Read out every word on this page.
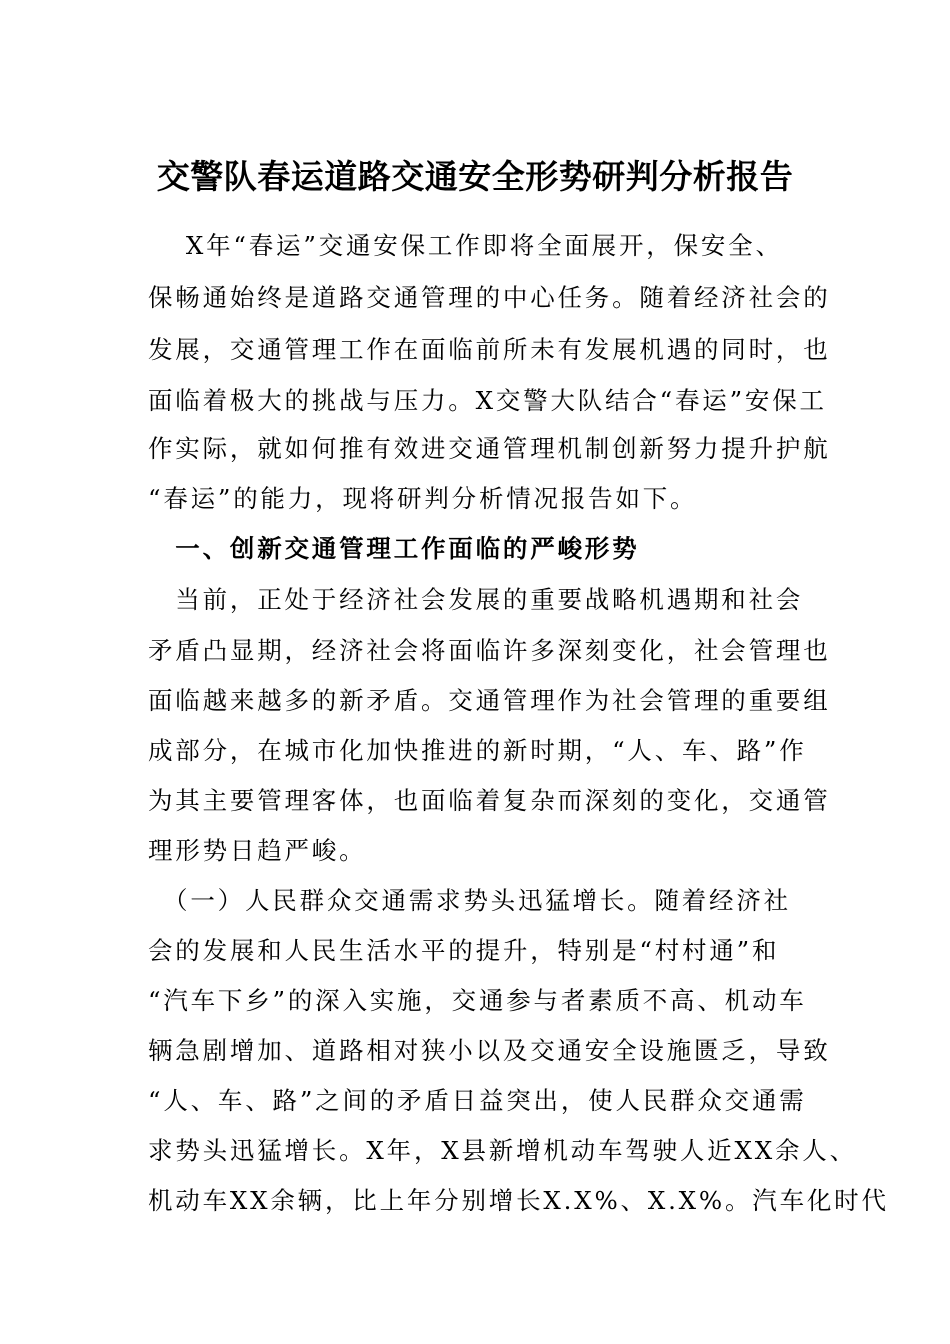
交警队春运道路交通安全形势研判分析报告
　 X年“春运”交通安保工作即将全面展开，保安全、
保畅通始终是道路交通管理的中心任务。随着经济社会的
发展，交通管理工作在面临前所未有发展机遇的同时，也
面临着极大的挑战与压力。X交警大队结合“春运”安保工
作实际，就如何推有效进交通管理机制创新努力提升护航
“春运”的能力，现将研判分析情况报告如下。
　一、创新交通管理工作面临的严峻形势
　当前，正处于经济社会发展的重要战略机遇期和社会
矛盾凸显期，经济社会将面临许多深刻变化，社会管理也
面临越来越多的新矛盾。交通管理作为社会管理的重要组
成部分，在城市化加快推进的新时期，“人、车、路”作
为其主要管理客体，也面临着复杂而深刻的变化，交通管
理形势日趋严峻。
　（一）人民群众交通需求势头迅猛增长。随着经济社
会的发展和人民生活水平的提升，特别是“村村通”和
“汽车下乡”的深入实施，交通参与者素质不高、机动车
辆急剧增加、道路相对狭小以及交通安全设施匮乏，导致
“人、车、路”之间的矛盾日益突出，使人民群众交通需
求势头迅猛增长。X年，X县新增机动车驾驶人近XX余人、
机动车XX余辆，比上年分别增长X.X%、X.X%。汽车化时代
